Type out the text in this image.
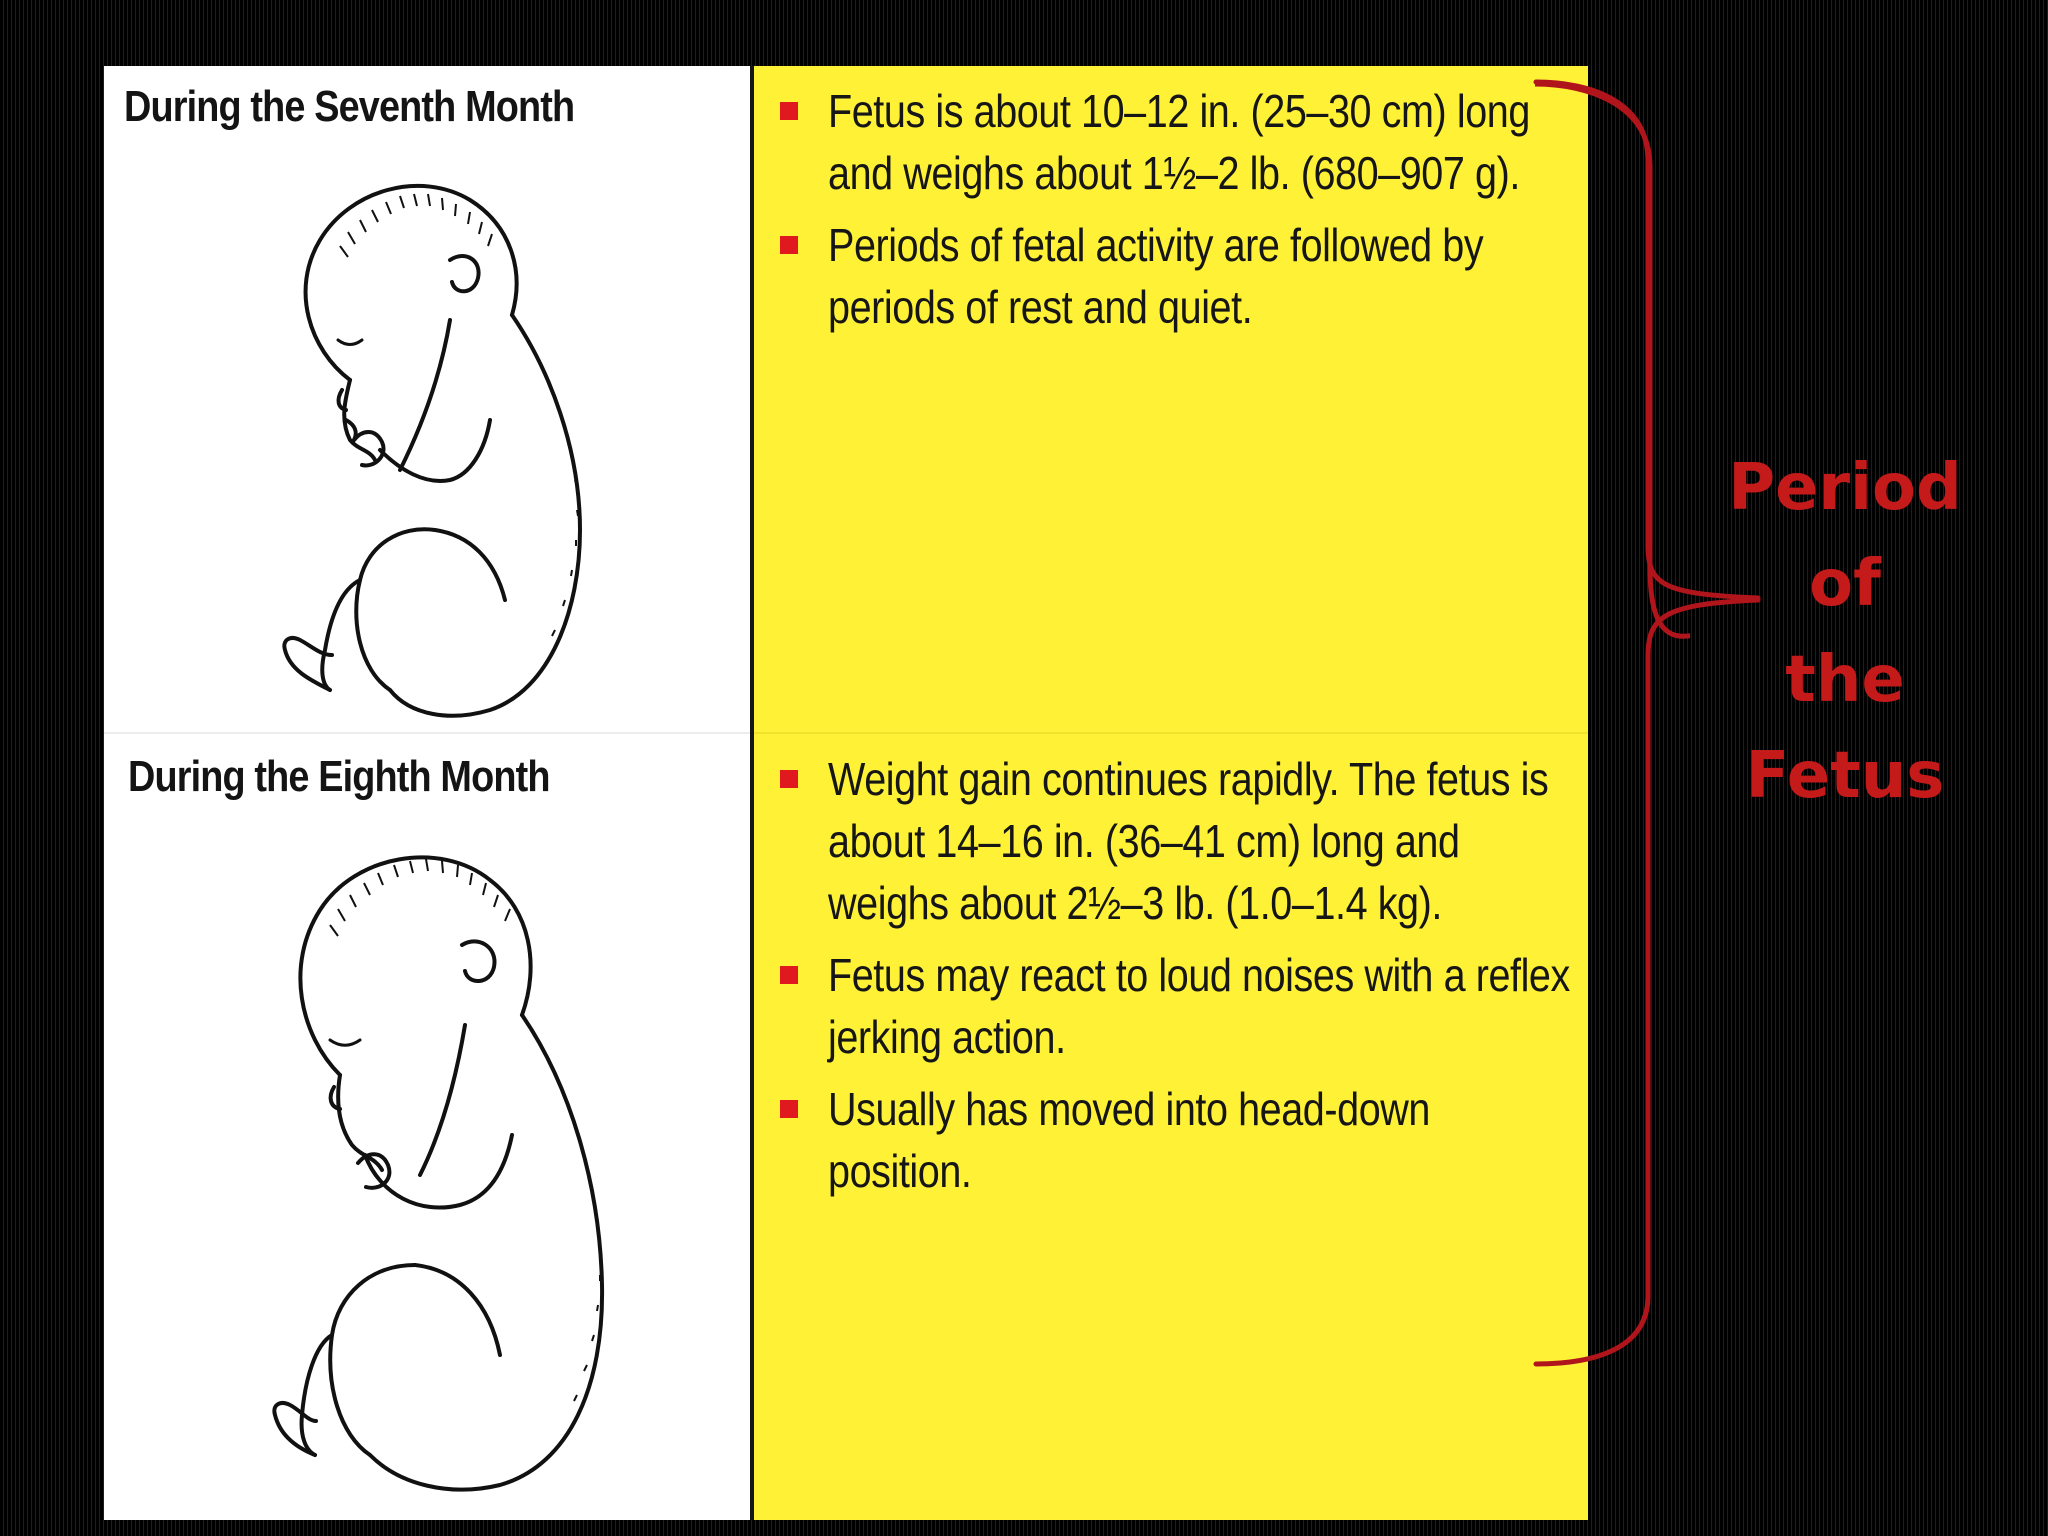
During the Seventh Month	Fetus is about 10–12 in. (25–30 cm) long and weighs about 1½–2 lb. (680–907 g).
Periods of fetal activity are followed by periods of rest and quiet.
During the Eighth Month	Weight gain continues rapidly. The fetus is about 14–16 in. (36–41 cm) long and weighs about 2½–3 lb. (1.0–1.4 kg).
Fetus may react to loud noises with a reflex jerking action.
Usually has moved into head-down position.
Period
of
the
Fetus
